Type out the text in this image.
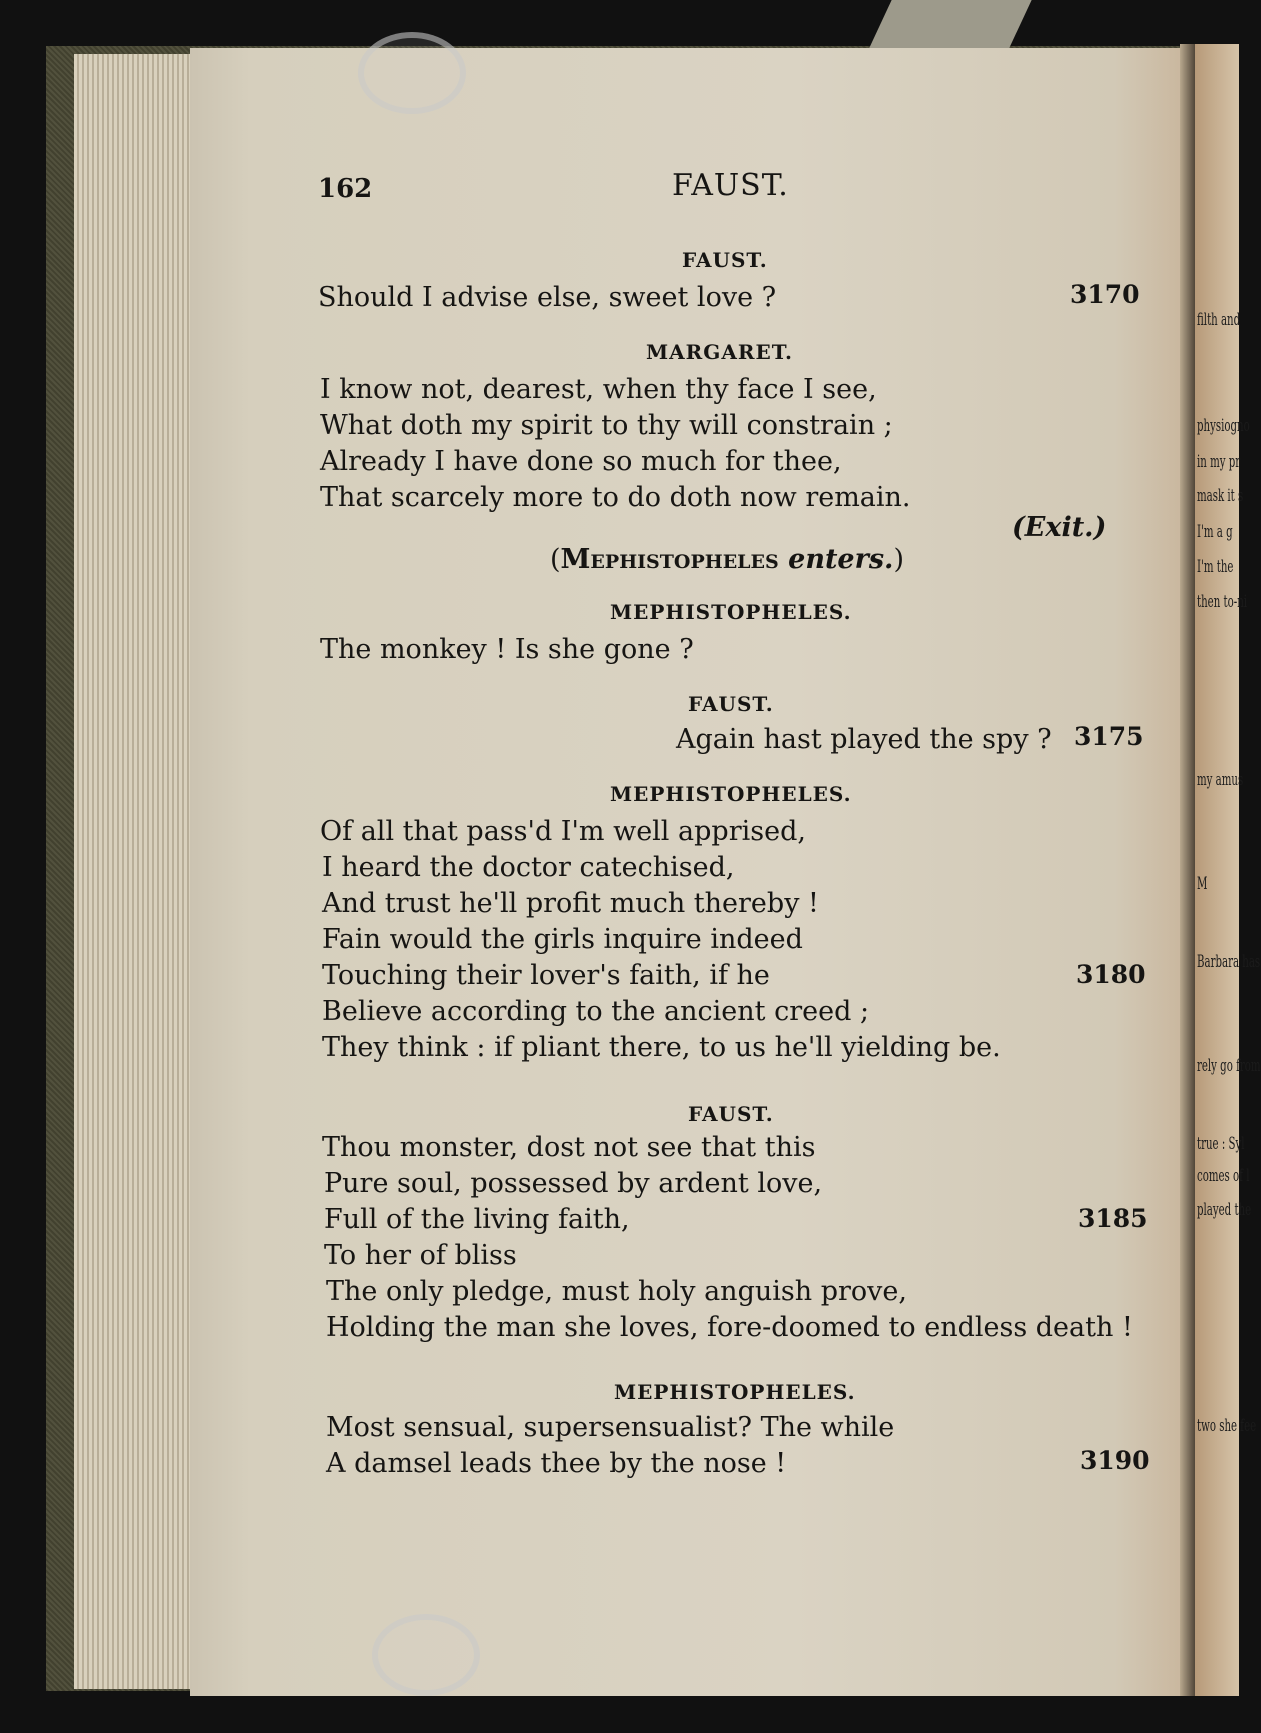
filth and
physiogno
in my pr
mask it s
I'm a g
I'm the
then to-ni
my amus
M
Barbara has
rely go from
true : Syl
comes of l
played the
two she fee
162	FAUST.
FAUST.
Should I advise else, sweet love ?	3170
MARGARET.
I know not, dearest, when thy face I see,
What doth my spirit to thy will constrain ;
Already I have done so much for thee,
That scarcely more to do doth now remain.
(Exit.)
(Mephistopheles enters.)
MEPHISTOPHELES.
The monkey ! Is she gone ?
FAUST.
Again hast played the spy ? 3175
MEPHISTOPHELES.
Of all that pass'd I'm well apprised,
I heard the doctor catechised,
And trust he'll profit much thereby !
Fain would the girls inquire indeed
Touching their lover's faith, if he	3180
Believe according to the ancient creed ;
They think : if pliant there, to us he'll yielding be.
FAUST.
Thou monster, dost not see that this
Pure soul, possessed by ardent love,
Full of the living faith,	3185
To her of bliss
The only pledge, must holy anguish prove,
Holding the man she loves, fore-doomed to endless death !
MEPHISTOPHELES.
Most sensual, supersensualist? The while
A damsel leads thee by the nose !	3190
